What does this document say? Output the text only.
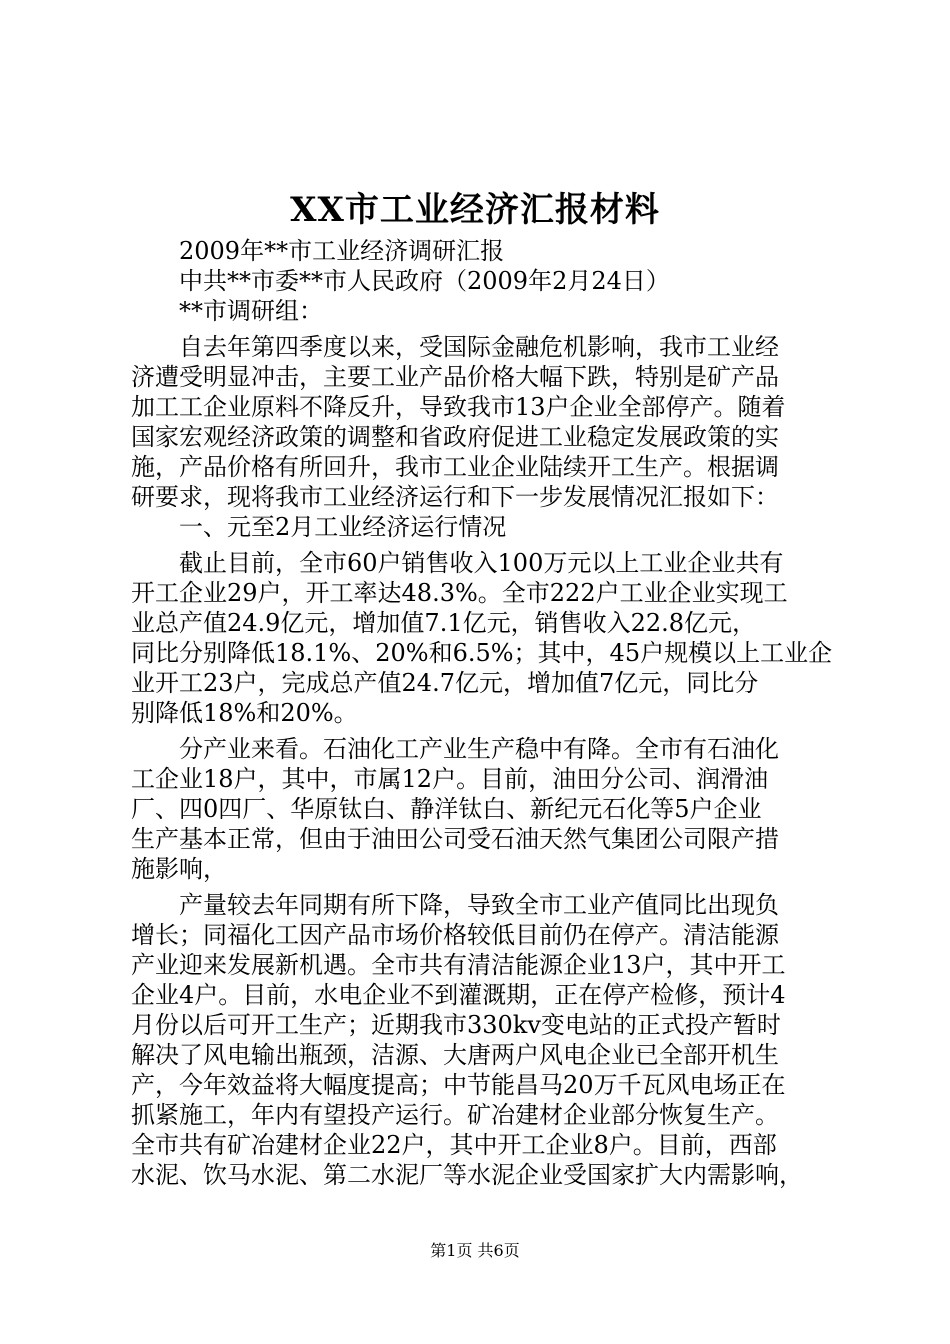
XX市工业经济汇报材料
2009年**市工业经济调研汇报
中共**市委**市人民政府（2009年2月24日）
**市调研组：
自去年第四季度以来，受国际金融危机影响，我市工业经
济遭受明显冲击，主要工业产品价格大幅下跌，特别是矿产品
加工工企业原料不降反升，导致我市13户企业全部停产。随着
国家宏观经济政策的调整和省政府促进工业稳定发展政策的实
施，产品价格有所回升，我市工业企业陆续开工生产。根据调
研要求，现将我市工业经济运行和下一步发展情况汇报如下：
一、元至2月工业经济运行情况
截止目前，全市60户销售收入100万元以上工业企业共有
开工企业29户，开工率达48.3%。全市222户工业企业实现工
业总产值24.9亿元，增加值7.1亿元，销售收入22.8亿元，
同比分别降低18.1%、20%和6.5%；其中，45户规模以上工业企
业开工23户，完成总产值24.7亿元，增加值7亿元，同比分
别降低18%和20%。
分产业来看。石油化工产业生产稳中有降。全市有石油化
工企业18户，其中，市属12户。目前，油田分公司、润滑油
厂、四0四厂、华原钛白、静洋钛白、新纪元石化等5户企业
生产基本正常，但由于油田公司受石油天然气集团公司限产措
施影响，
产量较去年同期有所下降，导致全市工业产值同比出现负
增长；同福化工因产品市场价格较低目前仍在停产。清洁能源
产业迎来发展新机遇。全市共有清洁能源企业13户，其中开工
企业4户。目前，水电企业不到灌溉期，正在停产检修，预计4
月份以后可开工生产；近期我市330kv变电站的正式投产暂时
解决了风电输出瓶颈，洁源、大唐两户风电企业已全部开机生
产，今年效益将大幅度提高；中节能昌马20万千瓦风电场正在
抓紧施工，年内有望投产运行。矿冶建材企业部分恢复生产。
全市共有矿冶建材企业22户，其中开工企业8户。目前，西部
水泥、饮马水泥、第二水泥厂等水泥企业受国家扩大内需影响，
第1页 共6页
